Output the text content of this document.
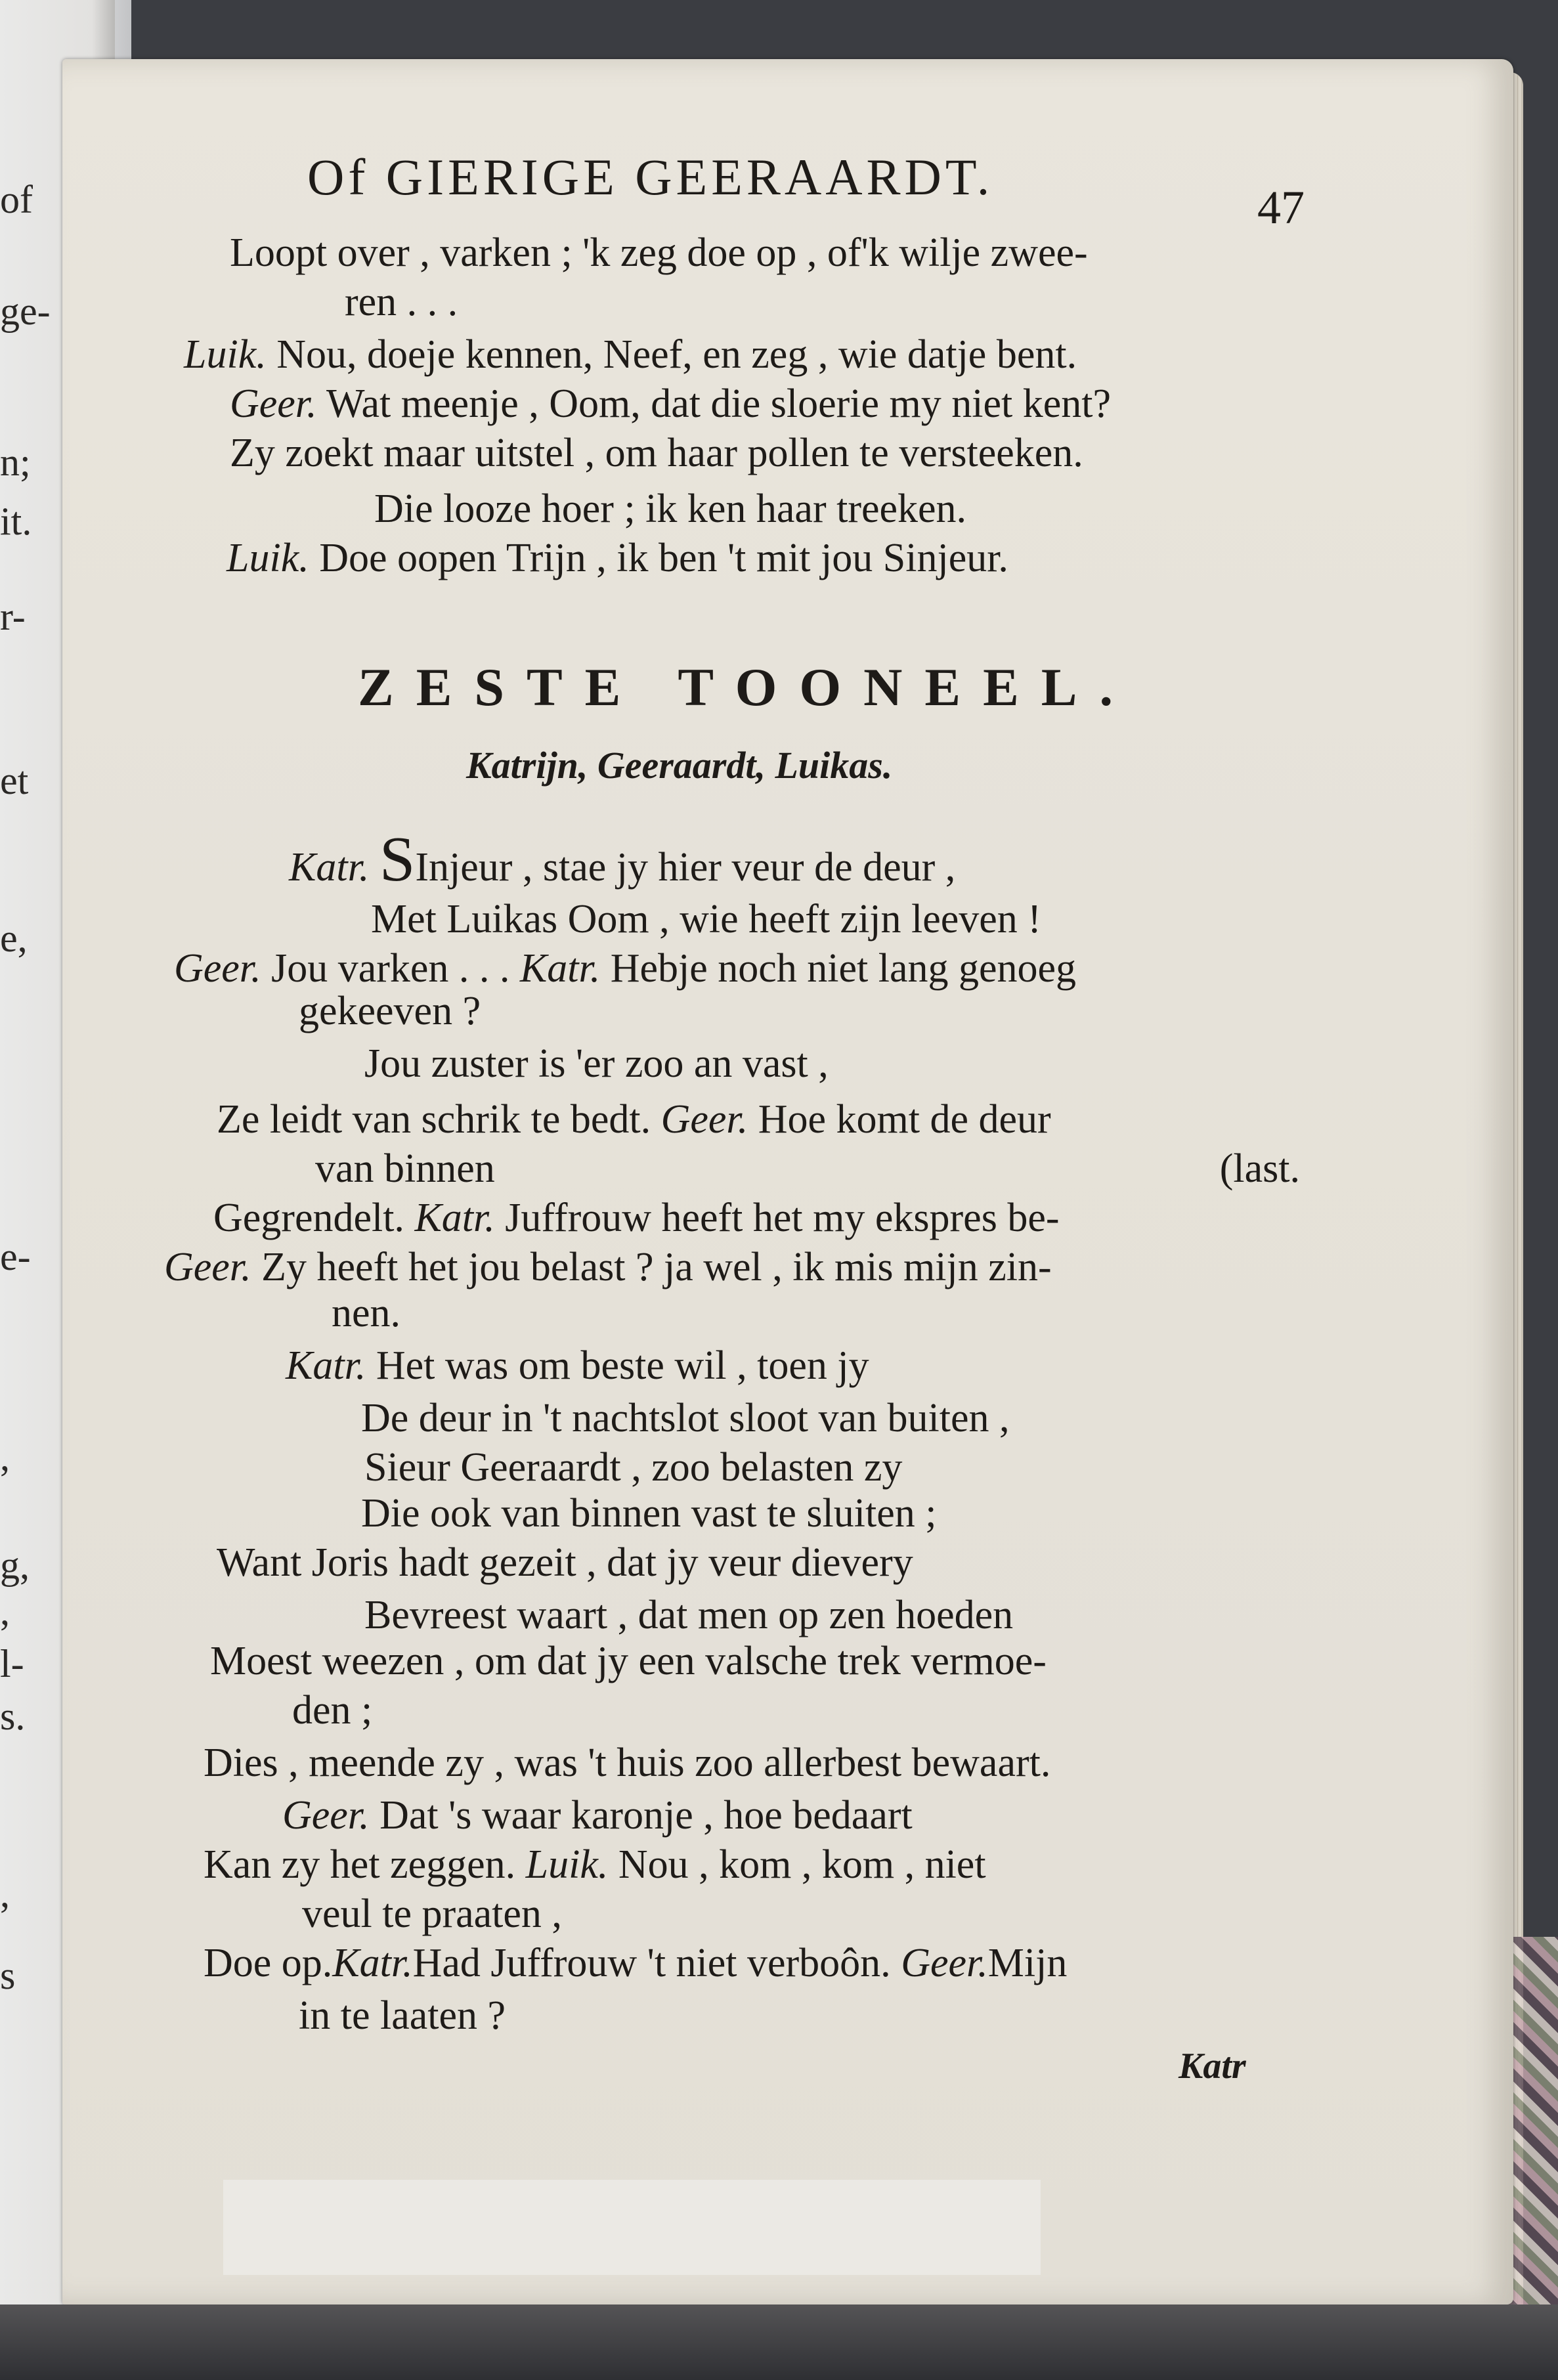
of
ge-
n;
it.
r-
et
e,
e-
,
g,
,
l-
s.
,
s
Of GIERIGE GEERAARDT.
47
Loopt over , varken ; 'k zeg doe op , of'k wilje zwee-
ren . . .
Luik. Nou, doeje kennen, Neef, en zeg , wie datje bent.
Geer. Wat meenje , Oom, dat die sloerie my niet kent?
Zy zoekt maar uitstel , om haar pollen te versteeken.
Die looze hoer ; ik ken haar treeken.
Luik. Doe oopen Trijn , ik ben 't mit jou Sinjeur.
ZESTE TOONEEL.
Katrijn, Geeraardt, Luikas.
Katr. SInjeur , stae jy hier veur de deur ,
Met Luikas Oom , wie heeft zijn leeven !
Geer. Jou varken . . . Katr. Hebje noch niet lang genoeg
gekeeven ?
Jou zuster is 'er zoo an vast ,
Ze leidt van schrik te bedt. Geer. Hoe komt de deur
van binnen	(last.
Gegrendelt. Katr. Juffrouw heeft het my ekspres be-
Geer. Zy heeft het jou belast ? ja wel , ik mis mijn zin-
nen.
Katr. Het was om beste wil , toen jy
De deur in 't nachtslot sloot van buiten ,
Sieur Geeraardt , zoo belasten zy
Die ook van binnen vast te sluiten ;
Want Joris hadt gezeit , dat jy veur dievery
Bevreest waart , dat men op zen hoeden
Moest weezen , om dat jy een valsche trek vermoe-
den ;
Dies , meende zy , was 't huis zoo allerbest bewaart.
Geer. Dat 's waar karonje , hoe bedaart
Kan zy het zeggen. Luik. Nou , kom , kom , niet
veul te praaten ,
Doe op.Katr.Had Juffrouw 't niet verboôn. Geer.Mijn
in te laaten ?
Katr
